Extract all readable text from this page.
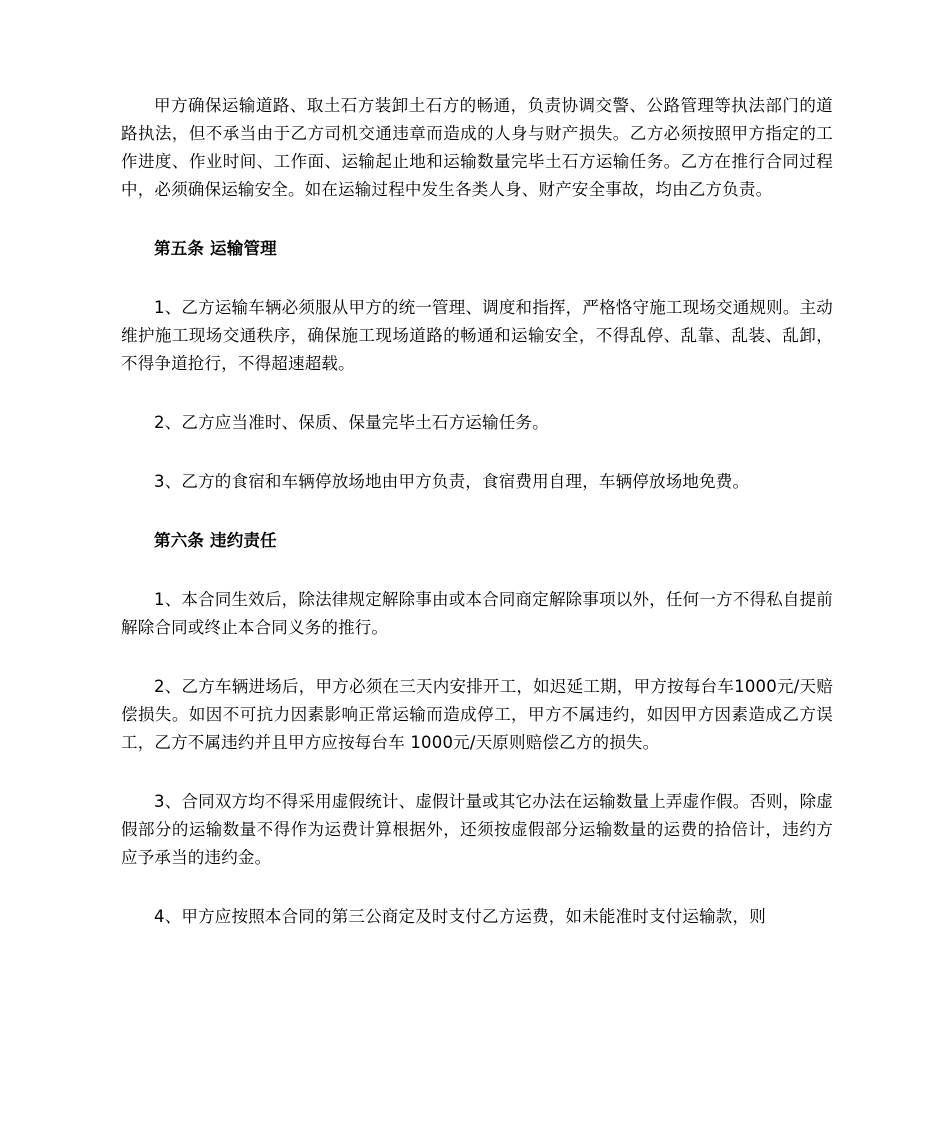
甲方确保运输道路、取土石方装卸土石方的畅通，负责协调交警、公路管理等执法部门的道路执法，但不承当由于乙方司机交通违章而造成的人身与财产损失。乙方必须按照甲方指定的工作进度、作业时间、工作面、运输起止地和运输数量完毕土石方运输任务。乙方在推行合同过程中，必须确保运输安全。如在运输过程中发生各类人身、财产安全事故，均由乙方负责。

第五条 运输管理

1、乙方运输车辆必须服从甲方的统一管理、调度和指挥，严格恪守施工现场交通规则。主动维护施工现场交通秩序，确保施工现场道路的畅通和运输安全，不得乱停、乱靠、乱装、乱卸，不得争道抢行，不得超速超载。

2、乙方应当准时、保质、保量完毕土石方运输任务。

3、乙方的食宿和车辆停放场地由甲方负责，食宿费用自理，车辆停放场地免费。

第六条 违约责任

1、本合同生效后，除法律规定解除事由或本合同商定解除事项以外，任何一方不得私自提前解除合同或终止本合同义务的推行。

2、乙方车辆进场后，甲方必须在三天内安排开工，如迟延工期，甲方按每台车1000元/天赔偿损失。如因不可抗力因素影响正常运输而造成停工，甲方不属违约，如因甲方因素造成乙方误工，乙方不属违约并且甲方应按每台车 1000元/天原则赔偿乙方的损失。

3、合同双方均不得采用虚假统计、虚假计量或其它办法在运输数量上弄虚作假。否则，除虚假部分的运输数量不得作为运费计算根据外，还须按虚假部分运输数量的运费的拾倍计，违约方应予承当的违约金。

4、甲方应按照本合同的第三公商定及时支付乙方运费，如未能准时支付运输款，则
